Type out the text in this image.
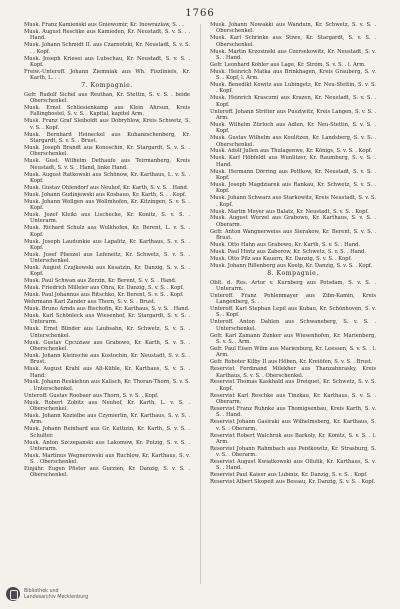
1766
Musk. Franz Kamienski aus Gniewomir, Kr. Inowrazlaw, S. . .
Musk. August Reschke aus Kamieden, Kr. Neustadt, S. v. S. . . Hand.
Musk. Johann Schmidt II. aus Czarnotzki, Kr. Neustadt, S. v. S. . . Kopf.
Musk. Joseph Kriesei aus Lubschau, Kr. Neustadt, S. v. S. . Kopf.
Freiw.-Unteroff. Johann Ziemniak aus Wh. Fiszliniels, Kr. Karth, L. . .
7. Kompagnie.
Gefr. Rudolf Sichel aus Reuthan, Kr. Stettin, S. v. S. . beide Oberschenkel.
Musk. Ernst Schliesienkamp aus Klein Ahrsun, Kreis Fallingbostel, S. v. S. . Kapital, kapitel Arm.
Musk. Franz Graf Sleiboldt aus Dobryhlow, Kreis Schwetz, S. v. S. . Kopf.
Musk. Bernhard Heineckel aus Kuhanzschenberg, Kr. Stargardt, S. v. S. . Brust.
Musk. Joseph Brandt aus Konoschin, Kr. Stargardt, S. v. S. . Oberschenkel.
Musk. Gust. Wilhelm Dethaufe aus Teirmanberg, Kreis Neustadt, S. v. S. . Hand, linke Hand.
Musk. August Ratkowski aus Schönow, Kr. Karthaus, L. v. S. . Kopf.
Musk. Gustav Ohlendorf aus Neuhof, Kr. Karth, S. v. S. . Hand.
Musk. Johann Gudinjewski aus Kosbauo, Kr. Karth, S. . . Kopf.
Musk. Johann Wollgen aus Wollmhofen, Kr. Kitzingen, S. v. S. . Kopf.
Musk. Jozef Kleiki aus Lischecke, Kr. Konitz, S. v. S. . Unterarm.
Musk. Richard Schulz aus Wulkhofen, Kr. Berent, L. v. S. . Kopf.
Musk. Joseph Laudunkie aus Lapalitz, Kr. Karthaus, S. v. S. . Kopf.
Musk. Josef Plieszel aus Lefeneitz, Kr. Schwetz, S. v. S. . Unterschenkel.
Musk. August Czujkowski aus Kesatzin, Kr. Danzig, S. v. S. . Kopf.
Musk. Paul Schwan aus Zerzin, Kr. Berent, S. v. S. . Hand.
Musk. Friedrich Milleier aus Ohra, Kr. Danzig, S. v. S. . Kopf.
Musk. Paul Johannus aus Ritschko, Kr. Berent, S. v. S. . Kopf.
Wehrmann Karl Zander aus Thorn, S. v. S. . Brust.
Musk. Bruno Arnds aus Bischofin, Kr. Karthaus, S. v. S. . Hand.
Musk. Karl Schönleck aus Wiesenhof, Kr. Stargardt, S. v. S. . Unterarm.
Musk. Ernst Blinder aus Laubsahn, Kr. Schwetz, S. v. S. . Unterschenkel.
Musk. Gustav Cpcuziaw aus Grabowo, Kr. Karth, S. v. S. . Oberschenkel.
Musk. Johann Kleinsche aus Kostochin, Kr. Neustadt, S. v. S. . Brust.
Musk. August Krahl aus Alt-Kühle, Kr. Karthaus, S. v. S. . Hand.
Musk. Johann Reskiehun aus Kalisch, Kr. Thoran-Thorn, S. v. S. . Unterschenkel.
Unteroff. Gustav Roebaer aus Thorn, S. v. S. . Kopf.
Musk. Robert Zobitz aus Neuhof, Kr. Karth, L. v. S. . Oberschenkel.
Musk. Johann Kozielbe aus Czymierlin, Kr. Karthaus, S. v. S. . Arm.
Musk. Johann Reinhard aus Gr. Kattizin, Kr. Karth, S. v. S. . Schulter.
Musk. Anton Szczepanski aus Lakomow, Kr. Putzig, S. v. S. . Unterarm.
Musk. Martinus Wegnerowski aus Ruchlow, Kr. Karthaus, S. v. S. . Oberschenkel.
Einjähr. Eugen Pfister aus Gurzien, Kr. Danzig, S. v. S. . Oberschenkel.
Musk. Johann Nowakki aus Wanduin, Kr. Schwetz, S. v. S. . Oberschenkel.
Musk. Karl Schrinke aus Stiwe, Kr. Stargardt, S. v. S. . Oberschenkel.
Musk. Martin Krzosinski aus Czersekowitz, Kr. Neustadt, S. v. S. . Hand.
Gefr. Leonhard Kohler aus Lage, Kr. Strom, S. v. S. . l. Arm.
Musk. Heinrich Matka aus Brinkhagen, Kreis Grauberg, S. v. S. . Kopf, l. Arm.
Musk. Benedikt Kowitz aus Lubingetz, Kr. Neu-Stettin, S. v. S. . Kopf.
Musk. Heinrich Krasczmi aus Krazen, Kr. Neustadt, S. v. S. . Kopf.
Unteroff. Johann Stritter aus Pusztwitz, Kreis Langen, S. v. S. . Arm.
Musk. Wilhelm Zürloch aus Adlen, Kr. Neu-Stettin, S. v. S. . Kopf.
Musk. Gustav Wilhelm aus Koulitzen, Kr. Landsberg, S. v. S. . Oberschenkel.
Musk. Adolf Jullen aus Thulagenwe, Kr. Königs, S. v. S. . Kopf.
Musk. Karl Höbfeldt aus Wunlitzer, Kr. Raumburg, S. v. S. . Hand.
Musk. Hermann Dörring aus Pettkow, Kr. Neustadt, S. v. S. . Kopf.
Musk. Joseph Magdziarek aus Rankau, Kr. Schwetz, S. v. S. . Kopf.
Musk. Johann Schwarz aus Starkowitz, Kreis Neustadt, S. v. S. . Kopf.
Musk. Martin Meyer aus Balatz, Kr. Neustadt, S. v. S. . Kopf.
Musk. August Wurzel aus Grabowo, Kr. Karthaus, S. v. S. . Oberarm.
Gefr. Anton Wangnerweiss aus Sierakow, Kr. Berent, S. v. S. . Brust.
Musk. Otto Hahn aus Grabowo, Kr. Karth, S. v. S. . Hand.
Musk. Paul Hintz aus Zaborow, Kr. Schwetz, S. v. S. . Hand.
Musk. Otto Pilz aus Kauern, Kr. Danzig, S. v. S. . Kopf.
Musk. Johann Rillenberg aus Koelp, Kr. Danzig, S. v. S. . Kopf.
8. Kompagnie.
Oblt. d. Res. Artur v. Kurnberg aus Potsdam, S. v. S. . Unterarm.
Unteroff. Franz Pohlenmayer aus Zibn-Kamin, Kreis Langenberg, S. . .
Unteroff. Karl Stephan Lepil aus Kubau, Kr. Schönhoven, S. v. S. . Kopf.
Unteroff. Anton Dahlen aus Schwaneberg, S. v. S. . Unterschenkel.
Gefr. Karl Zamann Zunker aus Wiesenhofen, Kr. Marienberg, S. v. S. . Arm.
Gefr. Paul Eisen Wilm aus Marienburg, Kr. Leessen, S. v. S. . l. Arm.
Gefr. Roboter Kilby II aus Höben, Kr. Kreiöfen, S. v. S. . Brust.
Reservist Ferdinand Milekher aus Thanzahnrasky, Kreis Karthaus, S. v. S. . Oberschenkel.
Reservist Thomas Kaskhald aus Dreiquet, Kr. Schwetz, S. v. S. . Kopf.
Reservist Karl Reschke aus Tinzkau, Kr. Karthaus, S. v. S. . Oberarm.
Reservist Franz Ruhnke aus Thomigsenbau, Kreis Karth, S. v. S. . Hand.
Reservist Johann Gasiraki aus Wilhelmsberg, Kr. Karthaus, S. v. S. . Oberarm.
Reservist Robert Walchruk aus Barkoly, Kr. Konitz, S. v. S. . l. Arm.
Reservist Johann Rahmbach aus Pentkowitz, Kr. Strasburg, S. v. S. . Oberarm.
Reservist August Kwiatkowski aus Ollulik, Kr. Karthaus, S. v. S. . Hand.
Reservist Paul Kaiser aus Lubiniz, Kr. Danzig, S. v. S. . Kopf.
Reservist Albert Skopeit aus Bessau, Kr. Danzig, S. v. S. . Kopf.
Bibliothek und
Landesarchiv Mecklenburg
